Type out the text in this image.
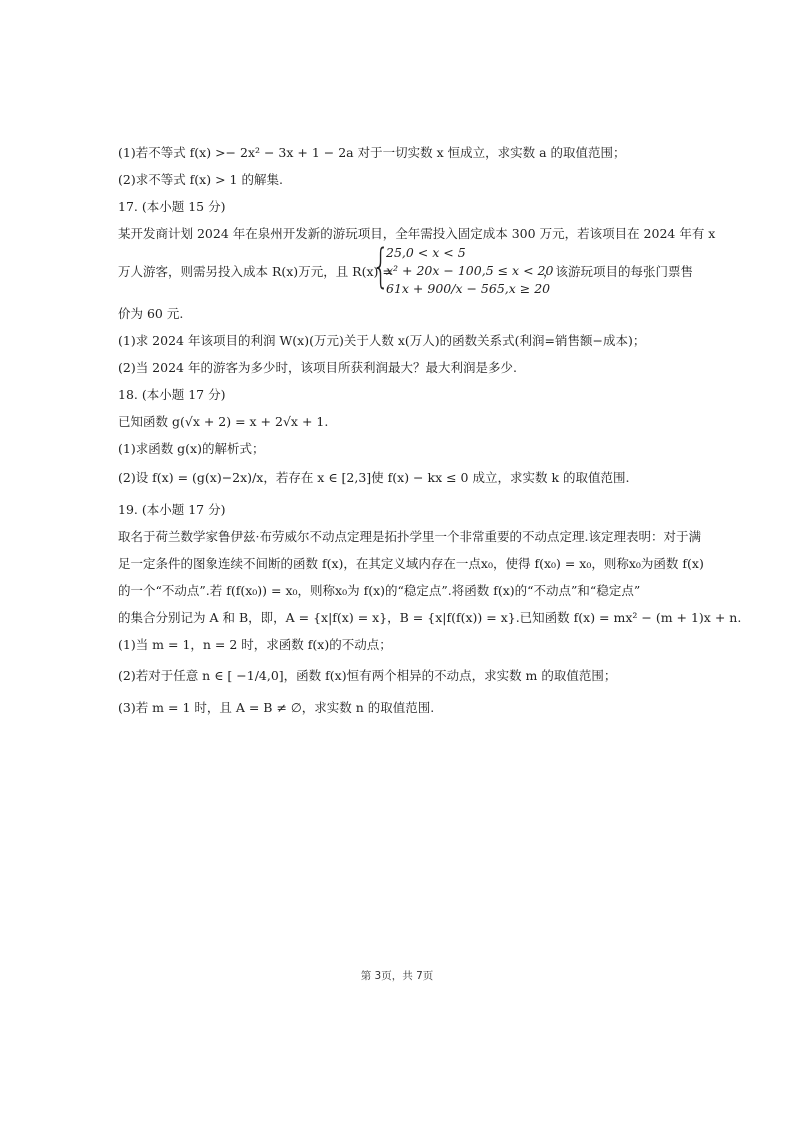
(1)若不等式 f(x) >− 2x² − 3x + 1 − 2a 对于一切实数 x 恒成立，求实数 a 的取值范围；
(2)求不等式 f(x) > 1 的解集.
17. (本小题 15 分)
某开发商计划 2024 年在泉州开发新的游玩项目，全年需投入固定成本 300 万元，若该项目在 2024 年有 x
万人游客，则需另投入成本 R(x)万元，且 R(x) =
{
25,0 < x < 5
x² + 20x − 100,5 ≤ x < 20
61x + 900/x − 565,x ≥ 20
，该游玩项目的每张门票售
价为 60 元.
(1)求 2024 年该项目的利润 W(x)(万元)关于人数 x(万人)的函数关系式(利润=销售额−成本)；
(2)当 2024 年的游客为多少时，该项目所获利润最大？最大利润是多少.
18. (本小题 17 分)
已知函数 g(√x + 2) = x + 2√x + 1.
(1)求函数 g(x)的解析式；
(2)设 f(x) = (g(x)−2x)/x，若存在 x ∈ [2,3]使 f(x) − kx ≤ 0 成立，求实数 k 的取值范围.
19. (本小题 17 分)
取名于荷兰数学家鲁伊兹·布劳威尔不动点定理是拓扑学里一个非常重要的不动点定理.该定理表明：对于满
足一定条件的图象连续不间断的函数 f(x)，在其定义域内存在一点x₀，使得 f(x₀) = x₀，则称x₀为函数 f(x)
的一个“不动点”.若 f(f(x₀)) = x₀，则称x₀为 f(x)的“稳定点”.将函数 f(x)的“不动点”和“稳定点”
的集合分别记为 A 和 B，即，A = {x|f(x) = x}，B = {x|f(f(x)) = x}.已知函数 f(x) = mx² − (m + 1)x + n.
(1)当 m = 1，n = 2 时，求函数 f(x)的不动点；
(2)若对于任意 n ∈ [ −1/4,0]，函数 f(x)恒有两个相异的不动点，求实数 m 的取值范围；
(3)若 m = 1 时，且 A = B ≠ ∅，求实数 n 的取值范围.
第 3页，共 7页
